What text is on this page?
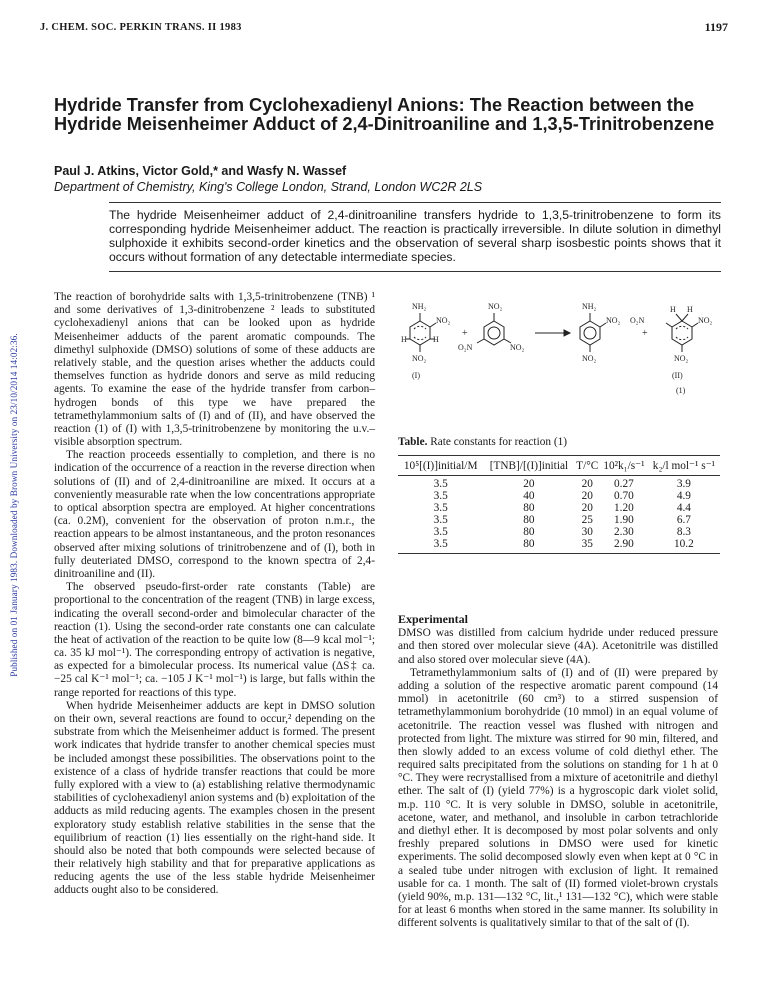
Published on 01 January 1983. Downloaded by Brown University on 23/10/2014 14:02:36.
J. CHEM. SOC. PERKIN TRANS. II 1983	1197
Hydride Transfer from Cyclohexadienyl Anions: The Reaction between the Hydride Meisenheimer Adduct of 2,4-Dinitroaniline and 1,3,5-Trinitrobenzene
Paul J. Atkins, Victor Gold,* and Wasfy N. Wassef
Department of Chemistry, King's College London, Strand, London WC2R 2LS
The hydride Meisenheimer adduct of 2,4-dinitroaniline transfers hydride to 1,3,5-trinitrobenzene to form its corresponding hydride Meisenheimer adduct. The reaction is practically irreversible. In dilute solution in dimethyl sulphoxide it exhibits second-order kinetics and the observation of several sharp isosbestic points shows that it occurs without formation of any detectable intermediate species.

The reaction of borohydride salts with 1,3,5-trinitrobenzene (TNB) ¹ and some derivatives of 1,3-dinitrobenzene ² leads to substituted cyclohexadienyl anions that can be looked upon as hydride Meisenheimer adducts of the parent aromatic compounds. The dimethyl sulphoxide (DMSO) solutions of some of these adducts are relatively stable, and the question arises whether the adducts could themselves function as hydride donors and serve as mild reducing agents. To examine the ease of the hydride transfer from carbon–hydrogen bonds of this type we have prepared the tetramethylammonium salts of (I) and of (II), and have observed the reaction (1) of (I) with 1,3,5-trinitrobenzene by monitoring the u.v.–visible absorption spectrum.

The reaction proceeds essentially to completion, and there is no indication of the occurrence of a reaction in the reverse direction when solutions of (II) and of 2,4-dinitroaniline are mixed. It occurs at a conveniently measurable rate when the low concentrations appropriate to optical absorption spectra are employed. At higher concentrations (ca. 0.2M), convenient for the observation of proton n.m.r., the reaction appears to be almost instantaneous, and the proton resonances observed after mixing solutions of trinitrobenzene and of (I), both in fully deuteriated DMSO, correspond to the known spectra of 2,4-dinitroaniline and (II).

The observed pseudo-first-order rate constants (Table) are proportional to the concentration of the reagent (TNB) in large excess, indicating the overall second-order and bimolecular character of the reaction (1). Using the second-order rate constants one can calculate the heat of activation of the reaction to be quite low (8—9 kcal mol⁻¹; ca. 35 kJ mol⁻¹). The corresponding entropy of activation is negative, as expected for a bimolecular process. Its numerical value (ΔS‡ ca. −25 cal K⁻¹ mol⁻¹; ca. −105 J K⁻¹ mol⁻¹) is large, but falls within the range reported for reactions of this type.

When hydride Meisenheimer adducts are kept in DMSO solution on their own, several reactions are found to occur,² depending on the substrate from which the Meisenheimer adduct is formed. The present work indicates that hydride transfer to another chemical species must be included amongst these possibilities. The observations point to the existence of a class of hydride transfer reactions that could be more fully explored with a view to (a) establishing relative thermodynamic stabilities of cyclohexadienyl anion systems and (b) exploitation of the adducts as mild reducing agents. The examples chosen in the present exploratory study establish relative stabilities in the sense that the equilibrium of reaction (1) lies essentially on the right-hand side. It should also be noted that both compounds were selected because of their relatively high stability and that for preparative applications as reducing agents the use of the less stable hydride Meisenheimer adducts ought also to be considered.

NH₂
NO₂
H
H
NO₂
+
NO₂
O₂N	NO₂
NH₂
NO₂
NO₂
O₂N
+
H H
NO₂
NO₂
(I)	(II)
(1)
Table. Rate constants for reaction (1)
10⁵[(I)]initial/M	[TNB]/[(I)]initial	T/°C	10²k₁/s⁻¹	k₂/l mol⁻¹ s⁻¹
3.5	20	20	0.27	3.9
3.5	40	20	0.70	4.9
3.5	80	20	1.20	4.4
3.5	80	25	1.90	6.7
3.5	80	30	2.30	8.3
3.5	80	35	2.90	10.2
Experimental

DMSO was distilled from calcium hydride under reduced pressure and then stored over molecular sieve (4A). Acetonitrile was distilled and also stored over molecular sieve (4A).

Tetramethylammonium salts of (I) and of (II) were prepared by adding a solution of the respective aromatic parent compound (14 mmol) in acetonitrile (60 cm³) to a stirred suspension of tetramethylammonium borohydride (10 mmol) in an equal volume of acetonitrile. The reaction vessel was flushed with nitrogen and protected from light. The mixture was stirred for 90 min, filtered, and then slowly added to an excess volume of cold diethyl ether. The required salts precipitated from the solutions on standing for 1 h at 0 °C. They were recrystallised from a mixture of acetonitrile and diethyl ether. The salt of (I) (yield 77%) is a hygroscopic dark violet solid, m.p. 110 °C. It is very soluble in DMSO, soluble in acetonitrile, acetone, water, and methanol, and insoluble in carbon tetrachloride and diethyl ether. It is decomposed by most polar solvents and only freshly prepared solutions in DMSO were used for kinetic experiments. The solid decomposed slowly even when kept at 0 °C in a sealed tube under nitrogen with exclusion of light. It remained usable for ca. 1 month. The salt of (II) formed violet-brown crystals (yield 90%, m.p. 131—132 °C, lit.,¹ 131—132 °C), which were stable for at least 6 months when stored in the same manner. Its solubility in different solvents is qualitatively similar to that of the salt of (I).
